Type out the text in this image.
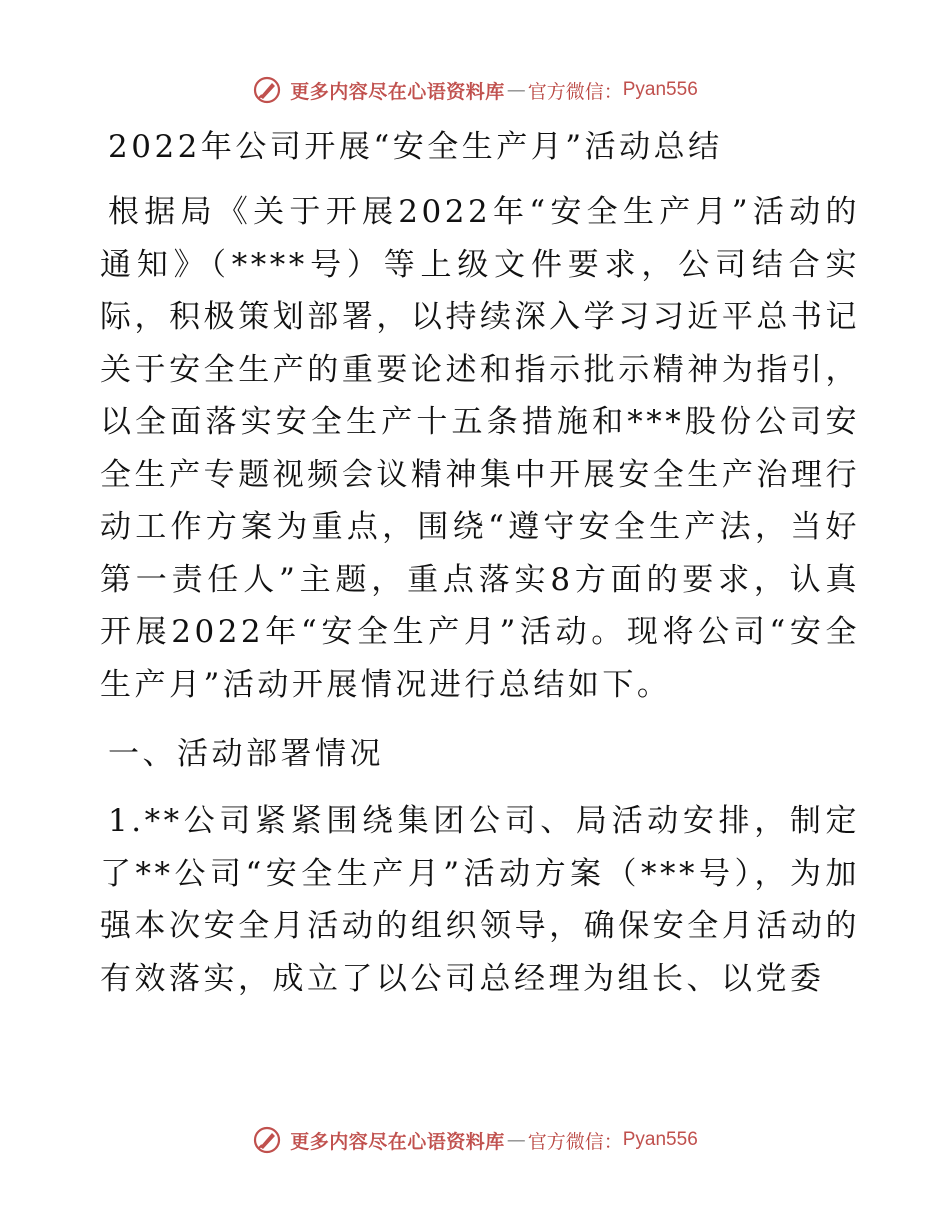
更多内容尽在心语资料库 — 官方微信： Pyan556
2022年公司开展“安全生产月”活动总结

根据局《关于开展2022年“安全生产月”活动的通知》（****号）等上级文件要求，公司结合实际，积极策划部署，以持续深入学习习近平总书记关于安全生产的重要论述和指示批示精神为指引，以全面落实安全生产十五条措施和***股份公司安全生产专题视频会议精神集中开展安全生产治理行动工作方案为重点，围绕“遵守安全生产法，当好第一责任人”主题，重点落实8方面的要求，认真开展2022年“安全生产月”活动。现将公司“安全生产月”活动开展情况进行总结如下。

一、活动部署情况

1.**公司紧紧围绕集团公司、局活动安排，制定了**公司“安全生产月”活动方案（***号），为加强本次安全月活动的组织领导，确保安全月活动的有效落实，成立了以公司总经理为组长、以党委

更多内容尽在心语资料库 — 官方微信： Pyan556
